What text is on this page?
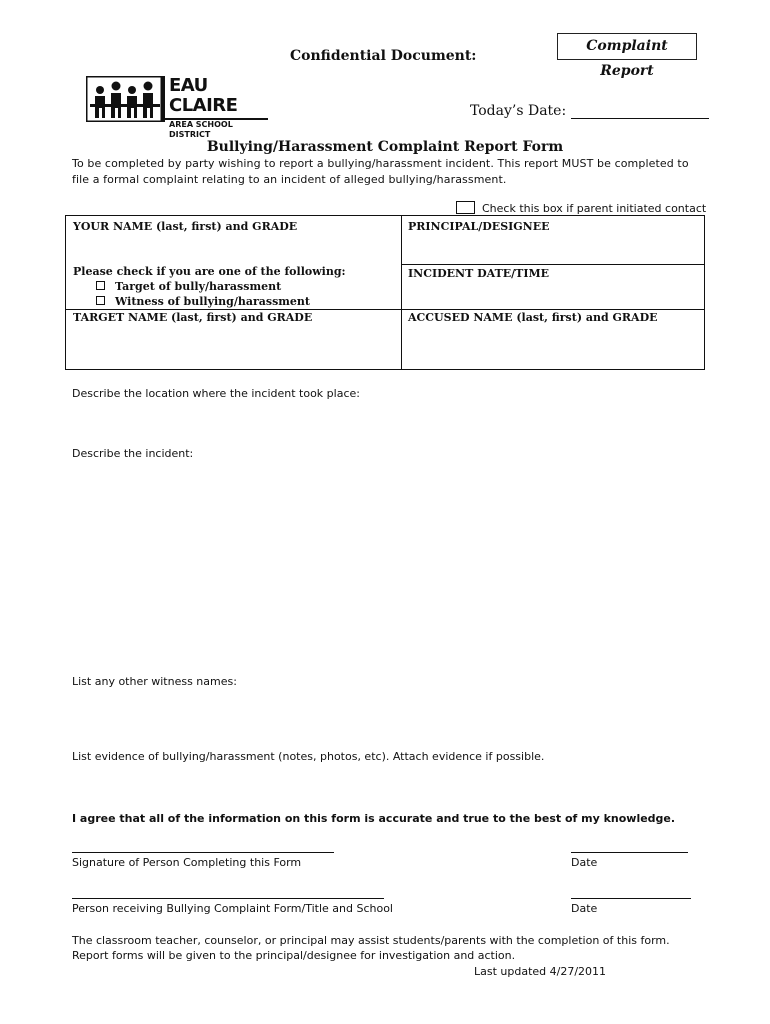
Complaint Report
Confidential Document:
EAU CLAIRE
AREA SCHOOL DISTRICT
Today’s Date:
Bullying/Harassment Complaint Report Form
To be completed by party wishing to report a bullying/harassment incident. This report MUST be completed to file a formal complaint relating to an incident of alleged bullying/harassment.
Check this box if parent initiated contact
YOUR NAME (last, first) and GRADE	PRINCIPAL/DESIGNEE
Please check if you are one of the following:
Target of bully/harassment
Witness of bullying/harassment
INCIDENT DATE/TIME
TARGET NAME (last, first) and GRADE	ACCUSED NAME (last, first) and GRADE
Describe the location where the incident took place:
Describe the incident:
List any other witness names:
List evidence of bullying/harassment (notes, photos, etc). Attach evidence if possible.
I agree that all of the information on this form is accurate and true to the best of my knowledge.
Signature of Person Completing this Form	Date
Person receiving Bullying Complaint Form/Title and School	Date
The classroom teacher, counselor, or principal may assist students/parents with the completion of this form. Report forms will be given to the principal/designee for investigation and action.
Last updated 4/27/2011
